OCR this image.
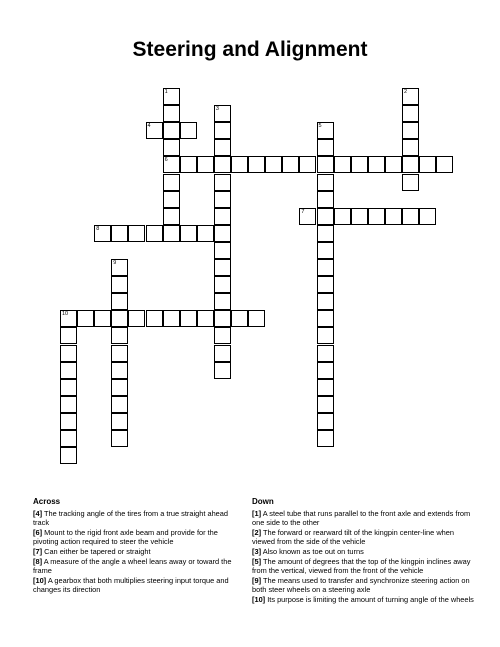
Steering and Alignment
1
6
2
3
4	5
7
8
9
10
Across
[4] The tracking angle of the tires from a true straight ahead track
[6] Mount to the rigid front axle beam and provide for the pivoting action required to steer the vehicle
[7] Can either be tapered or straight
[8] A measure of the angle a wheel leans away or toward the frame
[10] A gearbox that both multiplies steering input torque and changes its direction
Down
[1] A steel tube that runs parallel to the front axle and extends from one side to the other
[2] The forward or rearward tilt of the kingpin center-line when viewed from the side of the vehicle
[3] Also known as toe out on turns
[5] The amount of degrees that the top of the kingpin inclines away from the vertical, viewed from the front of the vehicle
[9] The means used to transfer and synchronize steering action on both steer wheels on a steering axle
[10] Its purpose is limiting the amount of turning angle of the wheels
